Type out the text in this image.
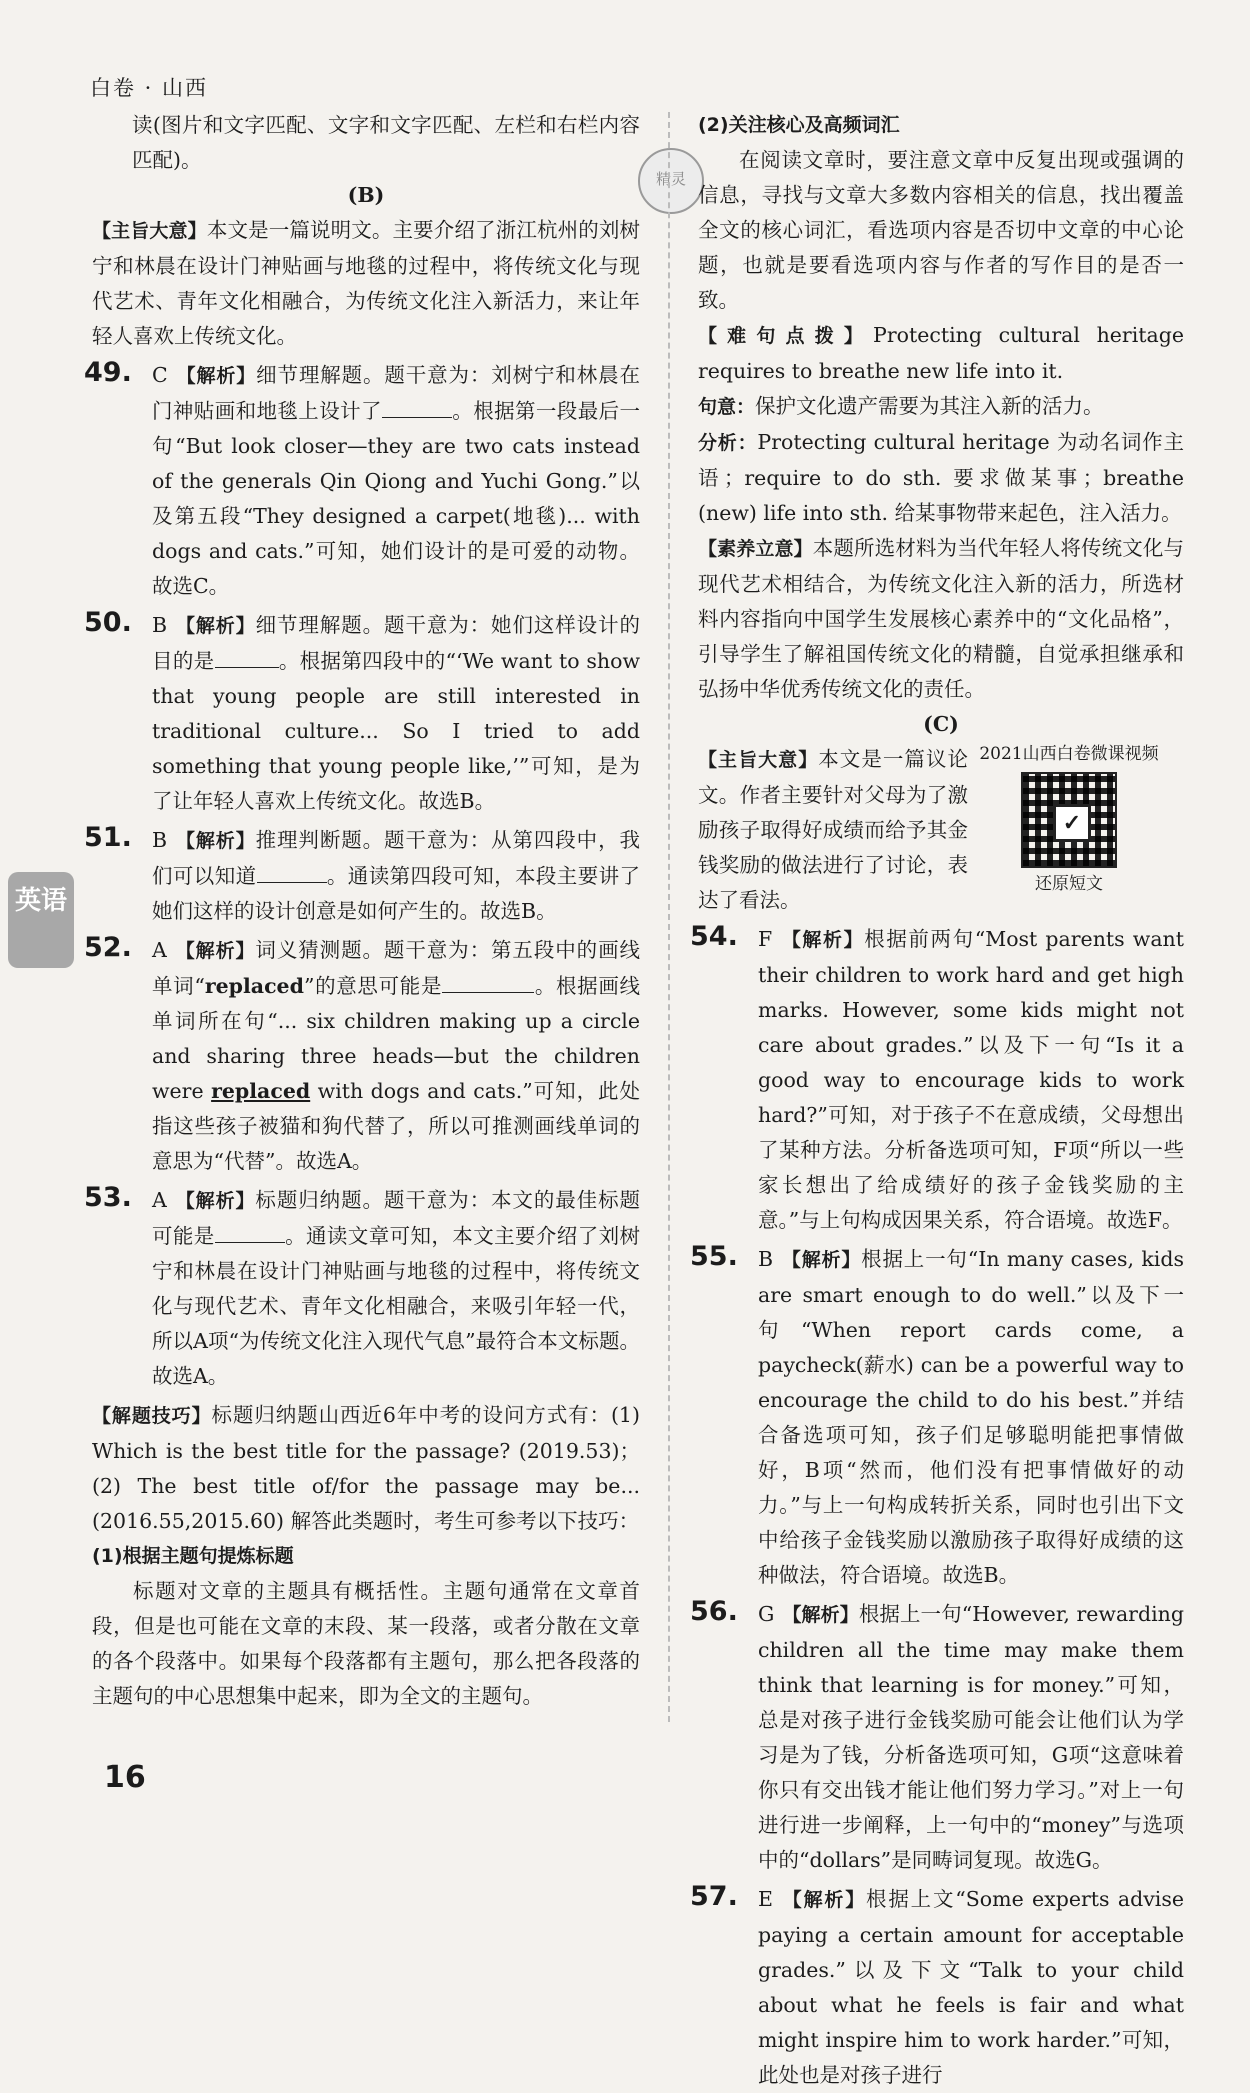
白卷 · 山西
精灵
英语

读(图片和文字匹配、文字和文字匹配、左栏和右栏内容匹配)。

(B)

【主旨大意】本文是一篇说明文。主要介绍了浙江杭州的刘树宁和林晨在设计门神贴画与地毯的过程中，将传统文化与现代艺术、青年文化相融合，为传统文化注入新活力，来让年轻人喜欢上传统文化。

49. C 【解析】细节理解题。题干意为：刘树宁和林晨在门神贴画和地毯上设计了	。根据第一段最后一句“But look closer—they are two cats instead of the generals Qin Qiong and Yuchi Gong.”以及第五段“They designed a carpet(地毯)... with dogs and cats.”可知，她们设计的是可爱的动物。故选C。
50. B 【解析】细节理解题。题干意为：她们这样设计的目的是	。根据第四段中的“‘We want to show that young people are still interested in traditional culture... So I tried to add something that young people like,’”可知，是为了让年轻人喜欢上传统文化。故选B。
51. B 【解析】推理判断题。题干意为：从第四段中，我们可以知道	。通读第四段可知，本段主要讲了她们这样的设计创意是如何产生的。故选B。
52. A 【解析】词义猜测题。题干意为：第五段中的画线单词“replaced”的意思可能是	。根据画线单词所在句“... six children making up a circle and sharing three heads—but the children were replaced with dogs and cats.”可知，此处指这些孩子被猫和狗代替了，所以可推测画线单词的意思为“代替”。故选A。
53. A 【解析】标题归纳题。题干意为：本文的最佳标题可能是	。通读文章可知，本文主要介绍了刘树宁和林晨在设计门神贴画与地毯的过程中，将传统文化与现代艺术、青年文化相融合，来吸引年轻一代，所以A项“为传统文化注入现代气息”最符合本文标题。故选A。

【解题技巧】标题归纳题山西近6年中考的设问方式有：(1) Which is the best title for the passage? (2019.53)；(2) The best title of/for the passage may be...(2016.55,2015.60) 解答此类题时，考生可参考以下技巧：

(1)根据主题句提炼标题

标题对文章的主题具有概括性。主题句通常在文章首段，但是也可能在文章的末段、某一段落，或者分散在文章的各个段落中。如果每个段落都有主题句，那么把各段落的主题句的中心思想集中起来，即为全文的主题句。

(2)关注核心及高频词汇

在阅读文章时，要注意文章中反复出现或强调的信息，寻找与文章大多数内容相关的信息，找出覆盖全文的核心词汇，看选项内容是否切中文章的中心论题，也就是要看选项内容与作者的写作目的是否一致。

【难句点拨】Protecting cultural heritage requires to breathe new life into it.

句意：保护文化遗产需要为其注入新的活力。

分析：Protecting cultural heritage 为动名词作主语；require to do sth. 要求做某事；breathe (new) life into sth. 给某事物带来起色，注入活力。

【素养立意】本题所选材料为当代年轻人将传统文化与现代艺术相结合，为传统文化注入新的活力，所选材料内容指向中国学生发展核心素养中的“文化品格”，引导学生了解祖国传统文化的精髓，自觉承担继承和弘扬中华优秀传统文化的责任。

(C)

2021山西白卷微课视频
✓
还原短文

【主旨大意】本文是一篇议论文。作者主要针对父母为了激励孩子取得好成绩而给予其金钱奖励的做法进行了讨论，表达了看法。

54. F 【解析】根据前两句“Most parents want their children to work hard and get high marks. However, some kids might not care about grades.”以及下一句“Is it a good way to encourage kids to work hard?”可知，对于孩子不在意成绩，父母想出了某种方法。分析备选项可知，F项“所以一些家长想出了给成绩好的孩子金钱奖励的主意。”与上句构成因果关系，符合语境。故选F。
55. B 【解析】根据上一句“In many cases, kids are smart enough to do well.”以及下一句“When report cards come, a paycheck(薪水) can be a powerful way to encourage the child to do his best.”并结合备选项可知，孩子们足够聪明能把事情做好，B项“然而，他们没有把事情做好的动力。”与上一句构成转折关系，同时也引出下文中给孩子金钱奖励以激励孩子取得好成绩的这种做法，符合语境。故选B。
56. G 【解析】根据上一句“However, rewarding children all the time may make them think that learning is for money.”可知，总是对孩子进行金钱奖励可能会让他们认为学习是为了钱，分析备选项可知，G项“这意味着你只有交出钱才能让他们努力学习。”对上一句进行进一步阐释，上一句中的“money”与选项中的“dollars”是同畴词复现。故选G。
57. E 【解析】根据上文“Some experts advise paying a certain amount for acceptable grades.”以及下文“Talk to your child about what he feels is fair and what might inspire him to work harder.”可知，此处也是对孩子进行
16
